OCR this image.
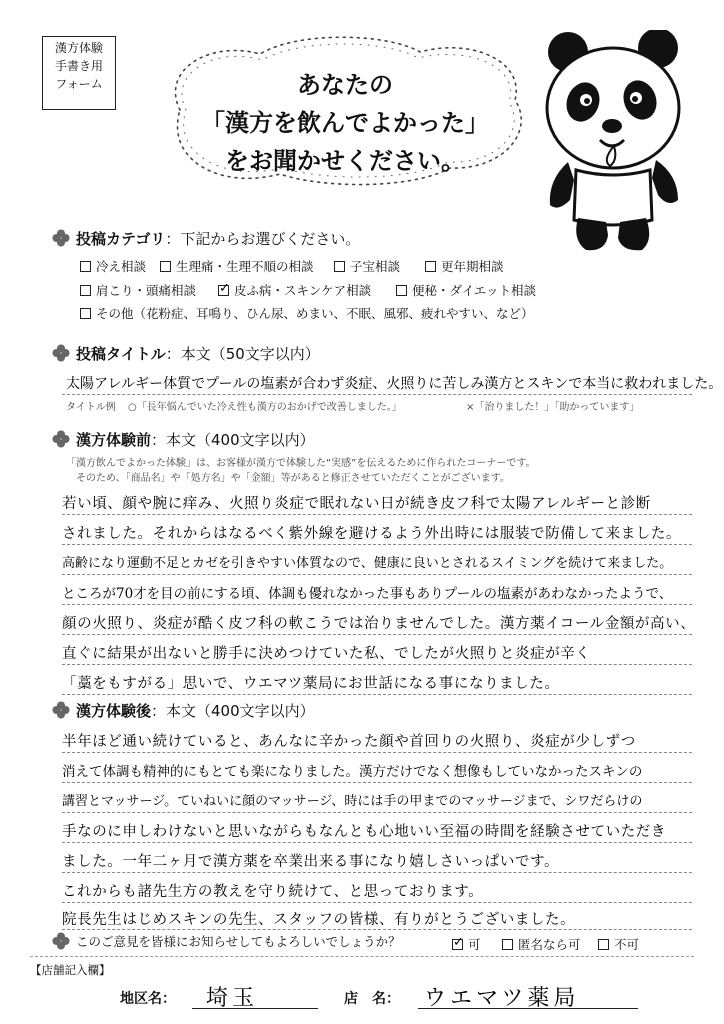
漢方体験
手書き用
フォーム	あなたの
「漢方を飲んでよかった」
をお聞かせください。
投稿カテゴリ：下記からお選びください。
冷え相談 生理痛・生理不順の相談	子宝相談	更年期相談
肩こり・頭痛相談 ✓	皮ふ病・スキンケア相談	便秘・ダイエット相談
その他（花粉症、耳鳴り、ひん尿、めまい、不眠、風邪、疲れやすい、など）
投稿タイトル：本文（50文字以内）
太陽アレルギー体質でプールの塩素が合わず炎症、火照りに苦しみ漢方とスキンで本当に救われました。
タイトル例 ○「長年悩んでいた冷え性も漢方のおかげで改善しました。」	×「治りました！」「助かっています」
漢方体験前：本文（400文字以内）
「漢方飲んでよかった体験」は、お客様が漢方で体験した“実感”を伝えるために作られたコーナーです。
そのため、「商品名」や「処方名」や「金額」等があると修正させていただくことがございます。
若い頃、顔や腕に痒み、火照り炎症で眠れない日が続き皮フ科で太陽アレルギーと診断
されました。それからはなるべく紫外線を避けるよう外出時には服装で防備して来ました。
高齢になり運動不足とカゼを引きやすい体質なので、健康に良いとされるスイミングを続けて来ました。
ところが70才を目の前にする頃、体調も優れなかった事もありプールの塩素があわなかったようで、
顔の火照り、炎症が酷く皮フ科の軟こうでは治りませんでした。漢方薬イコール金額が高い、
直ぐに結果が出ないと勝手に決めつけていた私、でしたが火照りと炎症が辛く
「藁をもすがる」思いで、ウエマツ薬局にお世話になる事になりました。
漢方体験後：本文（400文字以内）
半年ほど通い続けていると、あんなに辛かった顔や首回りの火照り、炎症が少しずつ
消えて体調も精神的にもとても楽になりました。漢方だけでなく想像もしていなかったスキンの
講習とマッサージ。ていねいに顔のマッサージ、時には手の甲までのマッサージまで、シワだらけの
手なのに申しわけないと思いながらもなんとも心地いい至福の時間を経験させていただき
ました。一年二ヶ月で漢方薬を卒業出来る事になり嬉しさいっぱいです。
これからも諸先生方の教えを守り続けて、と思っております。
院長先生はじめスキンの先生、スタッフの皆様、有りがとうございました。
このご意見を皆様にお知らせしてもよろしいでしょうか？ ✓	可	匿名なら可	不可
【店舗記入欄】
地区名： 埼玉	店　名： ウエマツ薬局
